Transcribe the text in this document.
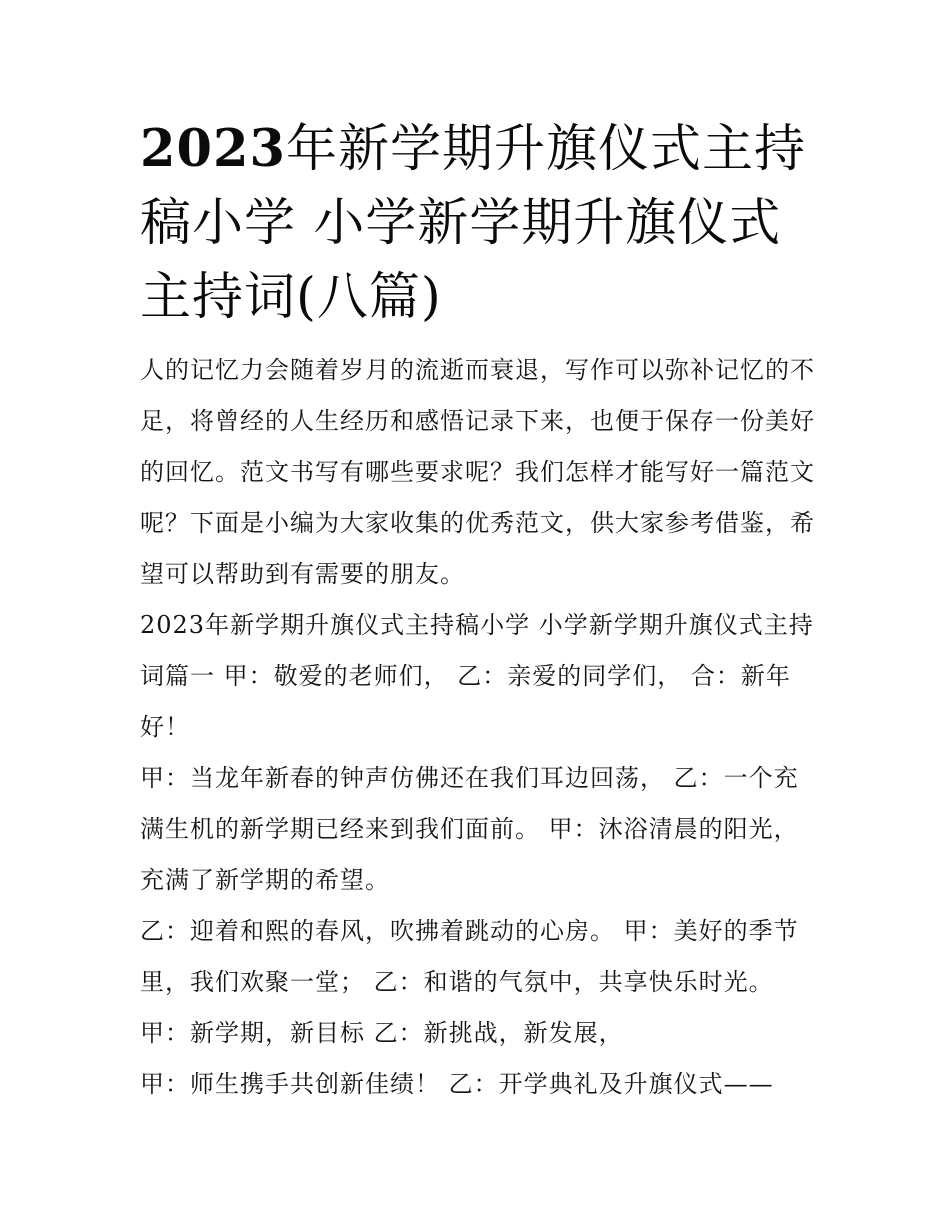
2023年新学期升旗仪式主持稿小学 小学新学期升旗仪式主持词(八篇)

人的记忆力会随着岁月的流逝而衰退，写作可以弥补记忆的不足，将曾经的人生经历和感悟记录下来，也便于保存一份美好的回忆。范文书写有哪些要求呢？我们怎样才能写好一篇范文呢？下面是小编为大家收集的优秀范文，供大家参考借鉴，希望可以帮助到有需要的朋友。

2023年新学期升旗仪式主持稿小学 小学新学期升旗仪式主持词篇一 甲：敬爱的老师们， 乙：亲爱的同学们， 合：新年好！

甲：当龙年新春的钟声仿佛还在我们耳边回荡， 乙：一个充满生机的新学期已经来到我们面前。 甲：沐浴清晨的阳光，充满了新学期的希望。

乙：迎着和熙的春风，吹拂着跳动的心房。 甲：美好的季节里，我们欢聚一堂； 乙：和谐的气氛中，共享快乐时光。

甲：新学期，新目标 乙：新挑战，新发展，

甲：师生携手共创新佳绩！ 乙：开学典礼及升旗仪式——
